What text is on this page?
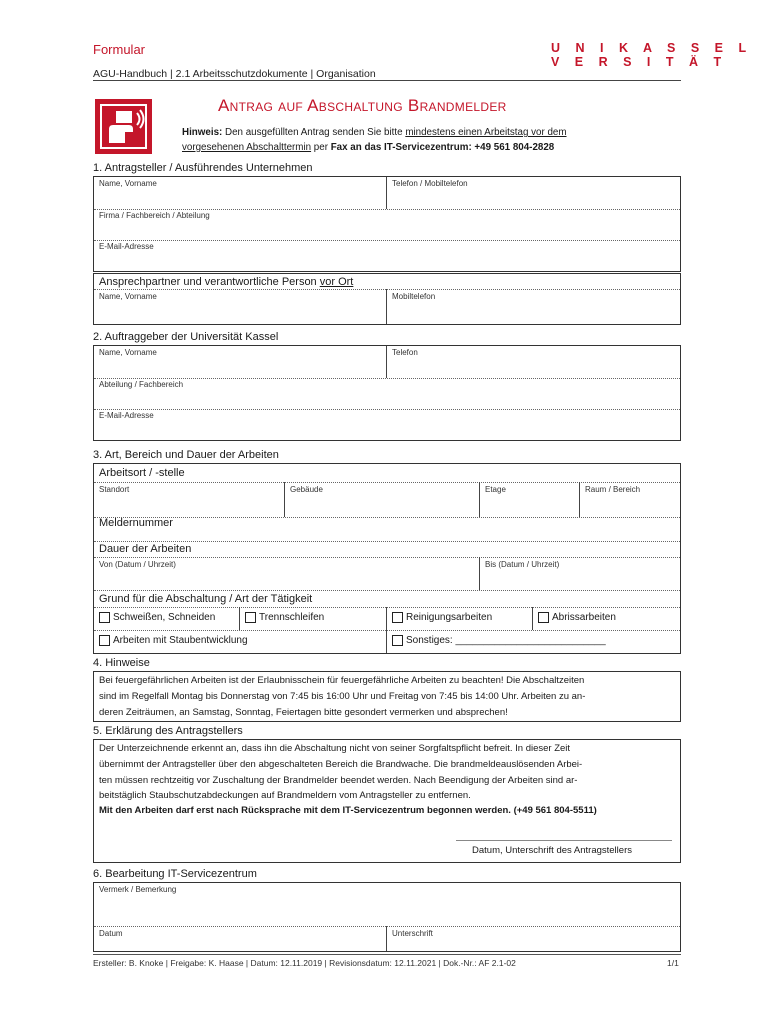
Formular	U N I K A S S E L
V E R S I T Ä T
AGU-Handbuch | 2.1 Arbeitsschutzdokumente | Organisation
Antrag auf Abschaltung Brandmelder
Hinweis: Den ausgefüllten Antrag senden Sie bitte mindestens einen Arbeitstag vor dem
vorgesehenen Abschalttermin per Fax an das IT-Servicezentrum: +49 561 804-2828
1. Antragsteller / Ausführendes Unternehmen
Name, Vorname	Telefon / Mobiltelefon
Firma / Fachbereich / Abteilung
E-Mail-Adresse
Ansprechpartner und verantwortliche Person vor Ort
Name, Vorname	Mobiltelefon
2. Auftraggeber der Universität Kassel
Name, Vorname	Telefon
Abteilung / Fachbereich
E-Mail-Adresse
3. Art, Bereich und Dauer der Arbeiten
Arbeitsort / -stelle
Standort	Gebäude	Etage	Raum / Bereich
Meldernummer
Dauer der Arbeiten
Von (Datum / Uhrzeit)	Bis (Datum / Uhrzeit)
Grund für die Abschaltung / Art der Tätigkeit
Schweißen, Schneiden	Trennschleifen	Reinigungsarbeiten	Abrissarbeiten
Arbeiten mit Staubentwicklung	Sonstiges: ___________________________
4. Hinweise
Bei feuergefährlichen Arbeiten ist der Erlaubnisschein für feuergefährliche Arbeiten zu beachten! Die Abschaltzeiten
sind im Regelfall Montag bis Donnerstag von 7:45 bis 16:00 Uhr und Freitag von 7:45 bis 14:00 Uhr. Arbeiten zu an-
deren Zeiträumen, an Samstag, Sonntag, Feiertagen bitte gesondert vermerken und absprechen!
5. Erklärung des Antragstellers
Der Unterzeichnende erkennt an, dass ihn die Abschaltung nicht von seiner Sorgfaltspflicht befreit. In dieser Zeit
übernimmt der Antragsteller über den abgeschalteten Bereich die Brandwache. Die brandmeldeauslösenden Arbei-
ten müssen rechtzeitig vor Zuschaltung der Brandmelder beendet werden. Nach Beendigung der Arbeiten sind ar-
beitstäglich Staubschutzabdeckungen auf Brandmeldern vom Antragsteller zu entfernen.
Mit den Arbeiten darf erst nach Rücksprache mit dem IT-Servicezentrum begonnen werden. (+49 561 804-5511)
Datum, Unterschrift des Antragstellers
6. Bearbeitung IT-Servicezentrum
Vermerk / Bemerkung
Datum	Unterschrift
Ersteller: B. Knoke | Freigabe: K. Haase | Datum: 12.11.2019 | Revisionsdatum: 12.11.2021 | Dok.-Nr.: AF 2.1-02	1/1
